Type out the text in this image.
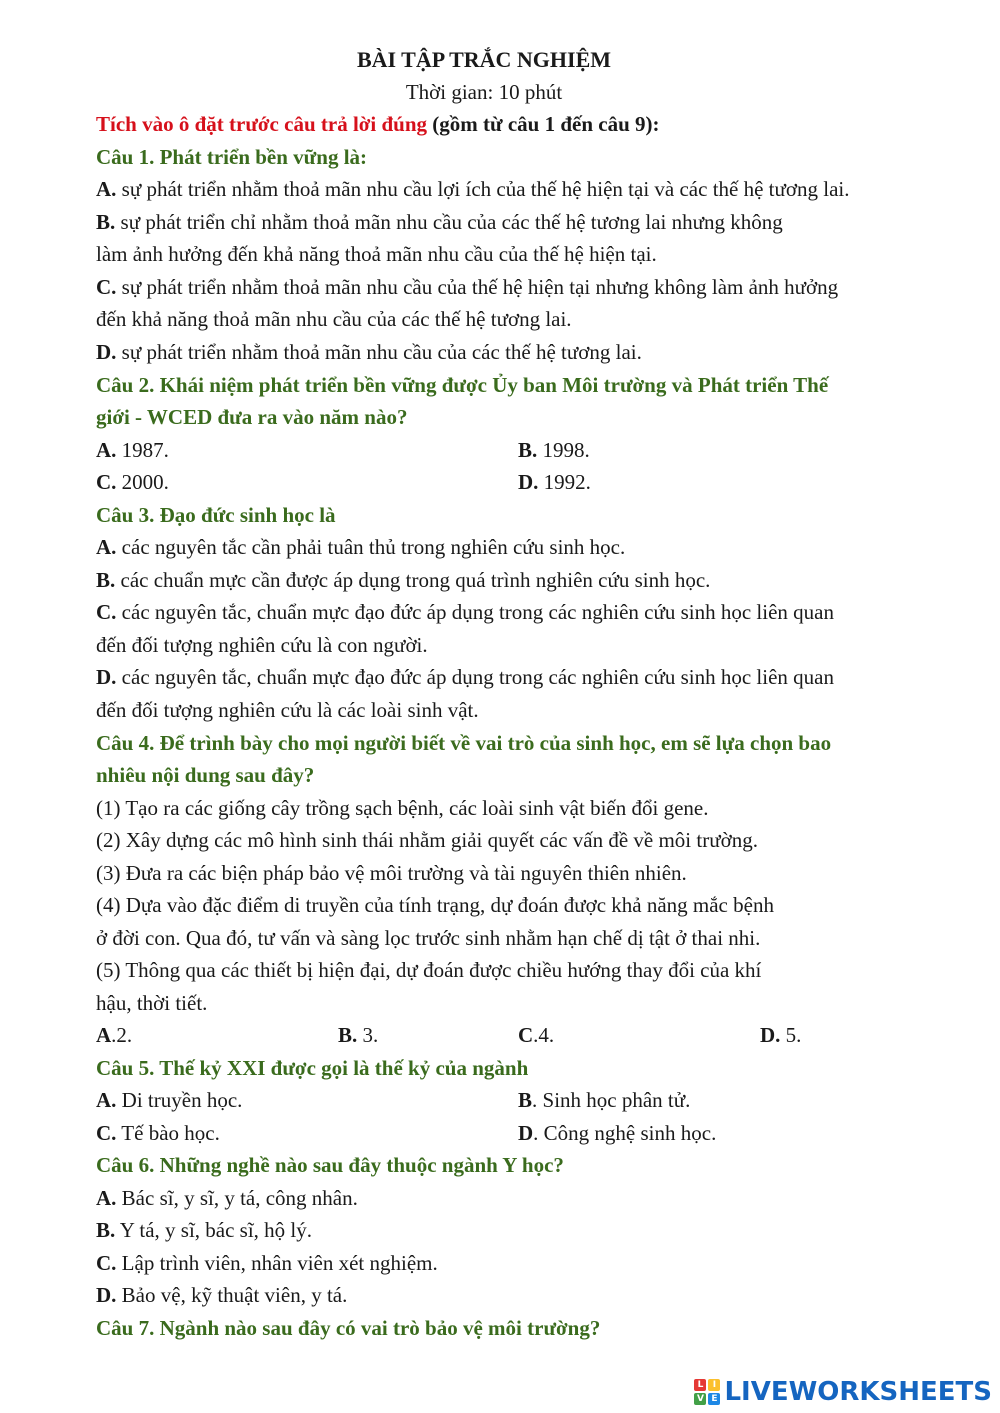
BÀI TẬP TRẮC NGHIỆM
Thời gian: 10 phút
Tích vào ô đặt trước câu trả lời đúng (gồm từ câu 1 đến câu 9):
Câu 1. Phát triển bền vững là:
A. sự phát triển nhằm thoả mãn nhu cầu lợi ích của thế hệ hiện tại và các thế hệ tương lai.
B. sự phát triển chỉ nhằm thoả mãn nhu cầu của các thế hệ tương lai nhưng không
làm ảnh hưởng đến khả năng thoả mãn nhu cầu của thế hệ hiện tại.
C. sự phát triển nhằm thoả mãn nhu cầu của thế hệ hiện tại nhưng không làm ảnh hưởng
đến khả năng thoả mãn nhu cầu của các thế hệ tương lai.
D. sự phát triển nhằm thoả mãn nhu cầu của các thế hệ tương lai.
Câu 2. Khái niệm phát triển bền vững được Ủy ban Môi trường và Phát triển Thế
giới - WCED đưa ra vào năm nào?
A. 1987.	B. 1998.
C. 2000.	D. 1992.
Câu 3. Đạo đức sinh học là
A. các nguyên tắc cần phải tuân thủ trong nghiên cứu sinh học.
B. các chuẩn mực cần được áp dụng trong quá trình nghiên cứu sinh học.
C. các nguyên tắc, chuẩn mực đạo đức áp dụng trong các nghiên cứu sinh học liên quan
đến đối tượng nghiên cứu là con người.
D. các nguyên tắc, chuẩn mực đạo đức áp dụng trong các nghiên cứu sinh học liên quan
đến đối tượng nghiên cứu là các loài sinh vật.
Câu 4. Để trình bày cho mọi người biết về vai trò của sinh học, em sẽ lựa chọn bao
nhiêu nội dung sau đây?
(1) Tạo ra các giống cây trồng sạch bệnh, các loài sinh vật biến đổi gene.
(2) Xây dựng các mô hình sinh thái nhằm giải quyết các vấn đề về môi trường.
(3) Đưa ra các biện pháp bảo vệ môi trường và tài nguyên thiên nhiên.
(4) Dựa vào đặc điểm di truyền của tính trạng, dự đoán được khả năng mắc bệnh
ở đời con. Qua đó, tư vấn và sàng lọc trước sinh nhằm hạn chế dị tật ở thai nhi.
(5) Thông qua các thiết bị hiện đại, dự đoán được chiều hướng thay đổi của khí
hậu, thời tiết.
A.2.	B. 3.	C.4.	D. 5.
Câu 5. Thế kỷ XXI được gọi là thế kỷ của ngành
A. Di truyền học.	B. Sinh học phân tử.
C. Tế bào học.	D. Công nghệ sinh học.
Câu 6. Những nghề nào sau đây thuộc ngành Y học?
A. Bác sĩ, y sĩ, y tá, công nhân.
B. Y tá, y sĩ, bác sĩ, hộ lý.
C. Lập trình viên, nhân viên xét nghiệm.
D. Bảo vệ, kỹ thuật viên, y tá.
Câu 7. Ngành nào sau đây có vai trò bảo vệ môi trường?
L	I
V E LIVEWORKSHEETS
